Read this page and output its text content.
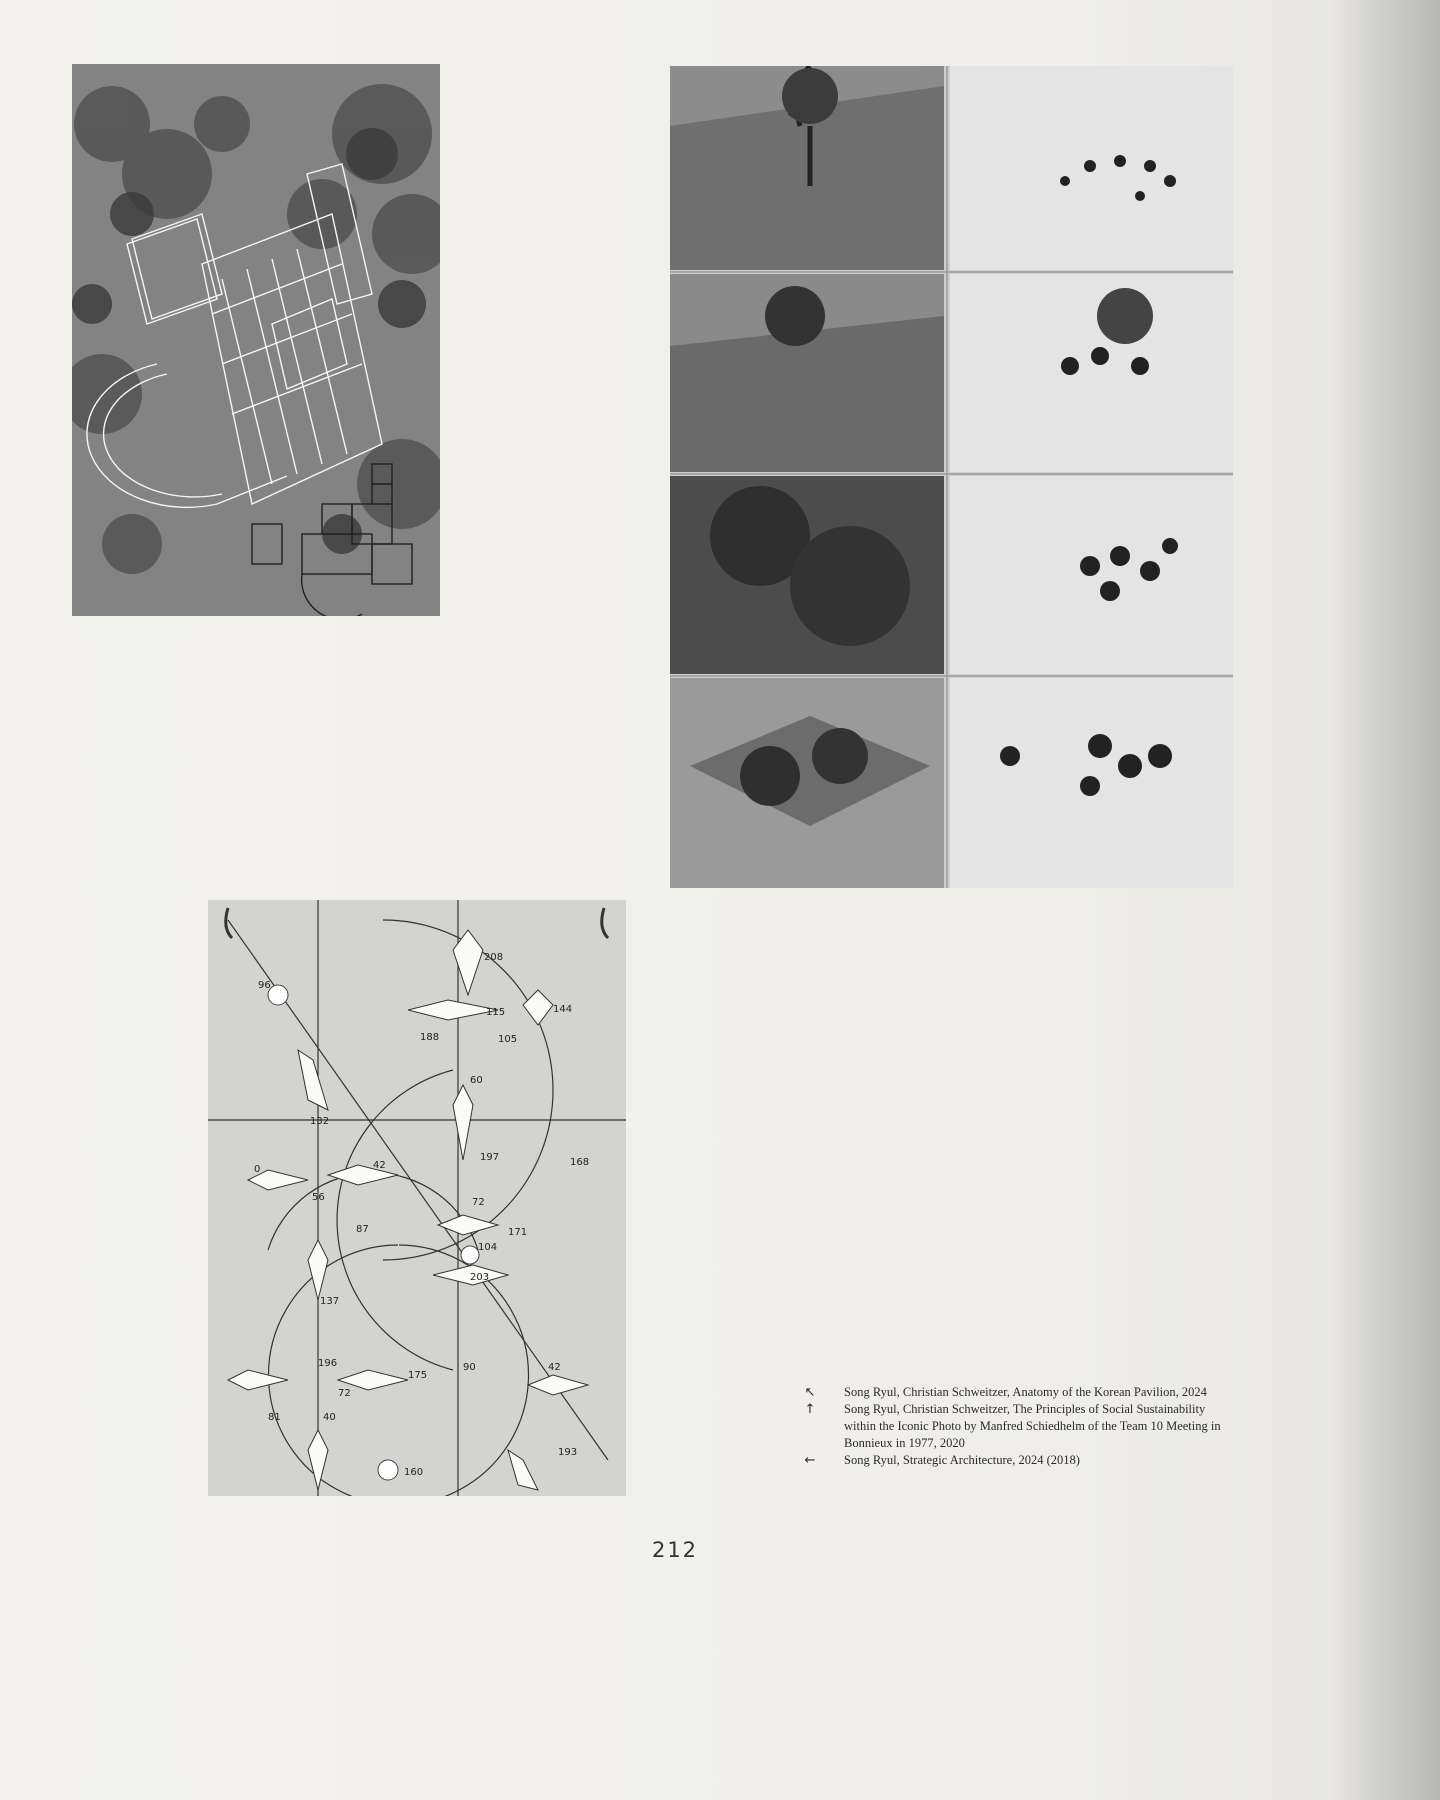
96
208
115	144
188	105
60
132
197	168
0
56
42
72
87	171
104
203
137
196
72
175
90	42
81	40
160
193

↖	Song Ryul, Christian Schweitzer, Anatomy of the Korean Pavilion, 2024

↑	Song Ryul, Christian Schweitzer, The Principles of Social Sustainability within the Iconic Photo by Manfred Schiedhelm of the Team 10 Meeting in Bonnieux in 1977, 2020

←	Song Ryul, Strategic Architecture, 2024 (2018)

212
